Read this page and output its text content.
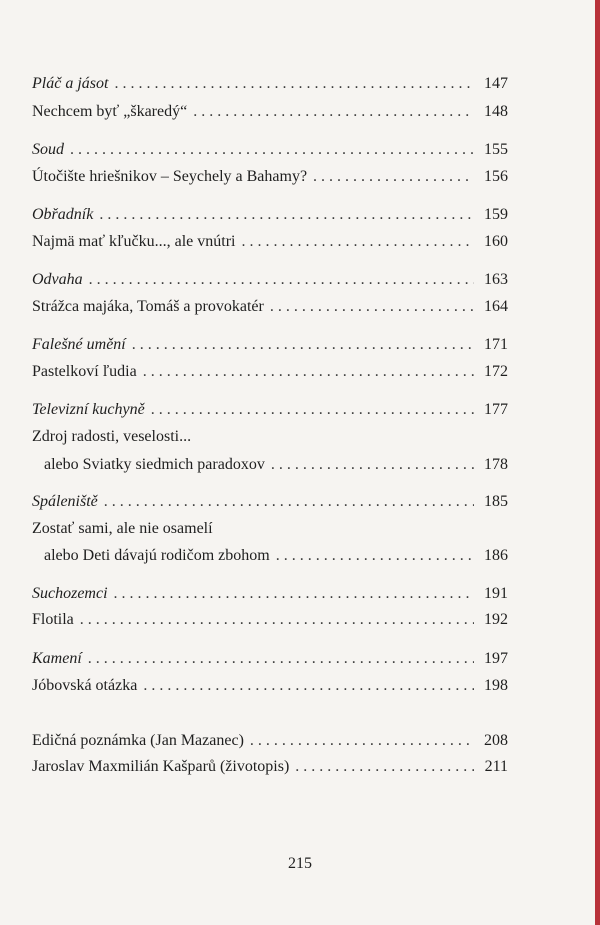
Pláč a jásot . . .	147
Nechcem byť „škaredý“ . . .	148
Soud . . .	155
Útočište hriešnikov – Seychely a Bahamy? . . .	156
Obřadník . . .	159
Najmä mať kľučku..., ale vnútri . . .	160
Odvaha . . .	163
Strážca majáka, Tomáš a provokatér . . .	164
Falešné umění . . .	171
Pastelkoví ľudia . . .	172
Televizní kuchyně . . .	177
Zdroj radosti, veselosti...
alebo Sviatky siedmich paradoxov . . .	178
Spáleniště . . .	185
Zostať sami, ale nie osamelí
alebo Deti dávajú rodičom zbohom . . .	186
Suchozemci . . .	191
Flotila . . .	192
Kamení . . .	197
Jóbovská otázka . . .	198
Edičná poznámka (Jan Mazanec) . . .	208
Jaroslav Maxmilián Kašparů (životopis) . . .	211
215
